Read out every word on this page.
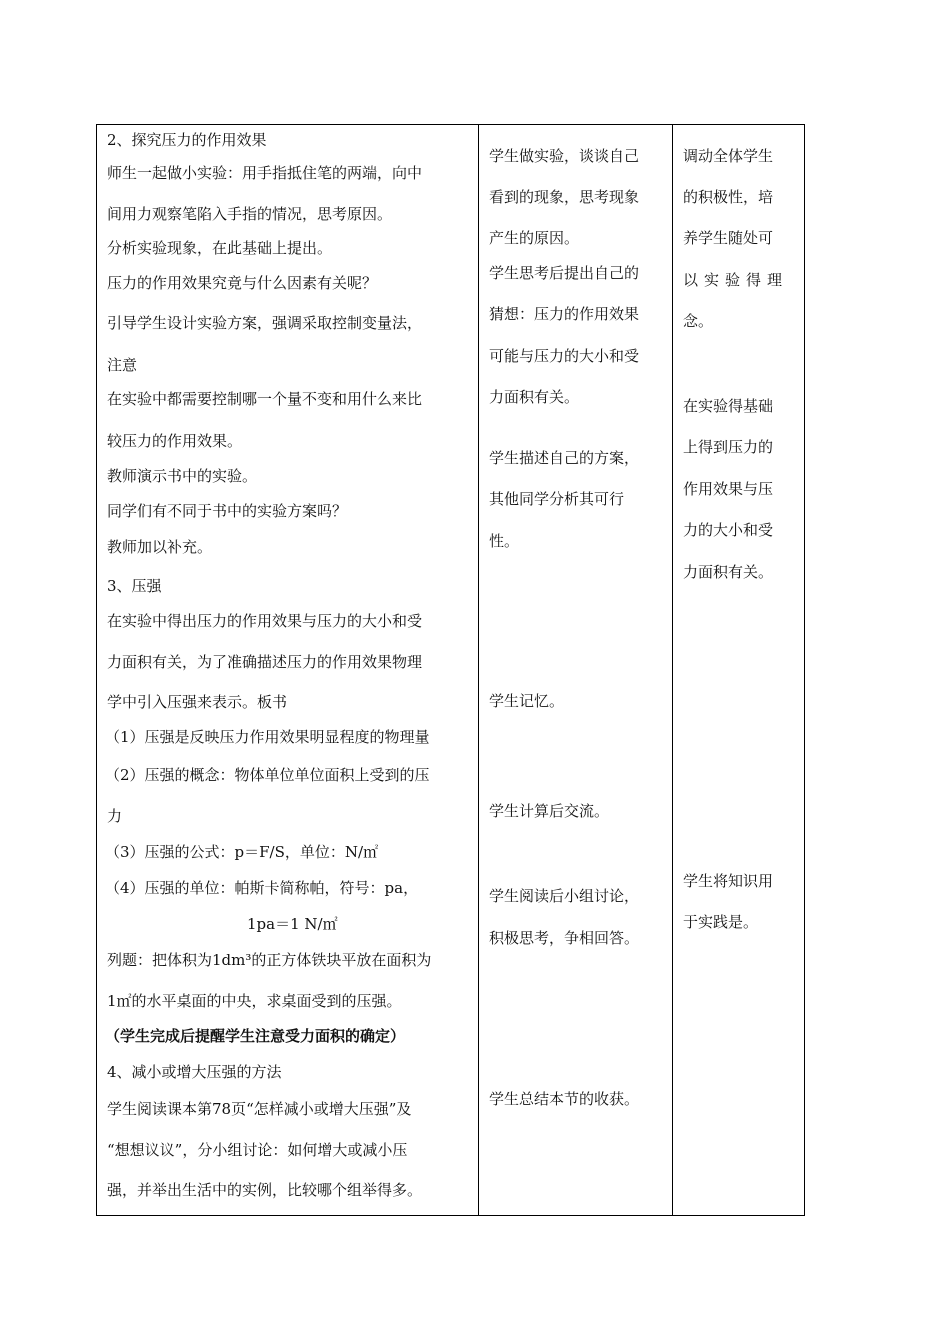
2、探究压力的作用效果
师生一起做小实验：用手指抵住笔的两端，向中
间用力观察笔陷入手指的情况，思考原因。
分析实验现象，在此基础上提出。
压力的作用效果究竟与什么因素有关呢？
引导学生设计实验方案，强调采取控制变量法，
注意
在实验中都需要控制哪一个量不变和用什么来比
较压力的作用效果。
教师演示书中的实验。
同学们有不同于书中的实验方案吗？
教师加以补充。
3、压强
在实验中得出压力的作用效果与压力的大小和受
力面积有关，为了准确描述压力的作用效果物理
学中引入压强来表示。板书
（1）压强是反映压力作用效果明显程度的物理量
（2）压强的概念：物体单位单位面积上受到的压
力
（3）压强的公式：p＝F/S，单位：N/㎡
（4）压强的单位：帕斯卡简称帕，符号：pa，
1pa＝1 N/㎡
列题：把体积为1dm³的正方体铁块平放在面积为
1㎡的水平桌面的中央，求桌面受到的压强。
（学生完成后提醒学生注意受力面积的确定）
4、减小或增大压强的方法
学生阅读课本第78页“怎样减小或增大压强”及
“想想议议”，分小组讨论：如何增大或减小压
强，并举出生活中的实例，比较哪个组举得多。
学生做实验，谈谈自己
看到的现象，思考现象
产生的原因。
学生思考后提出自己的
猜想：压力的作用效果
可能与压力的大小和受
力面积有关。
学生描述自己的方案，
其他同学分析其可行
性。
学生记忆。
学生计算后交流。
学生阅读后小组讨论，
积极思考，争相回答。
学生总结本节的收获。
调动全体学生
的积极性，培
养学生随处可
以实验得理
念。
在实验得基础
上得到压力的
作用效果与压
力的大小和受
力面积有关。
学生将知识用
于实践是。
